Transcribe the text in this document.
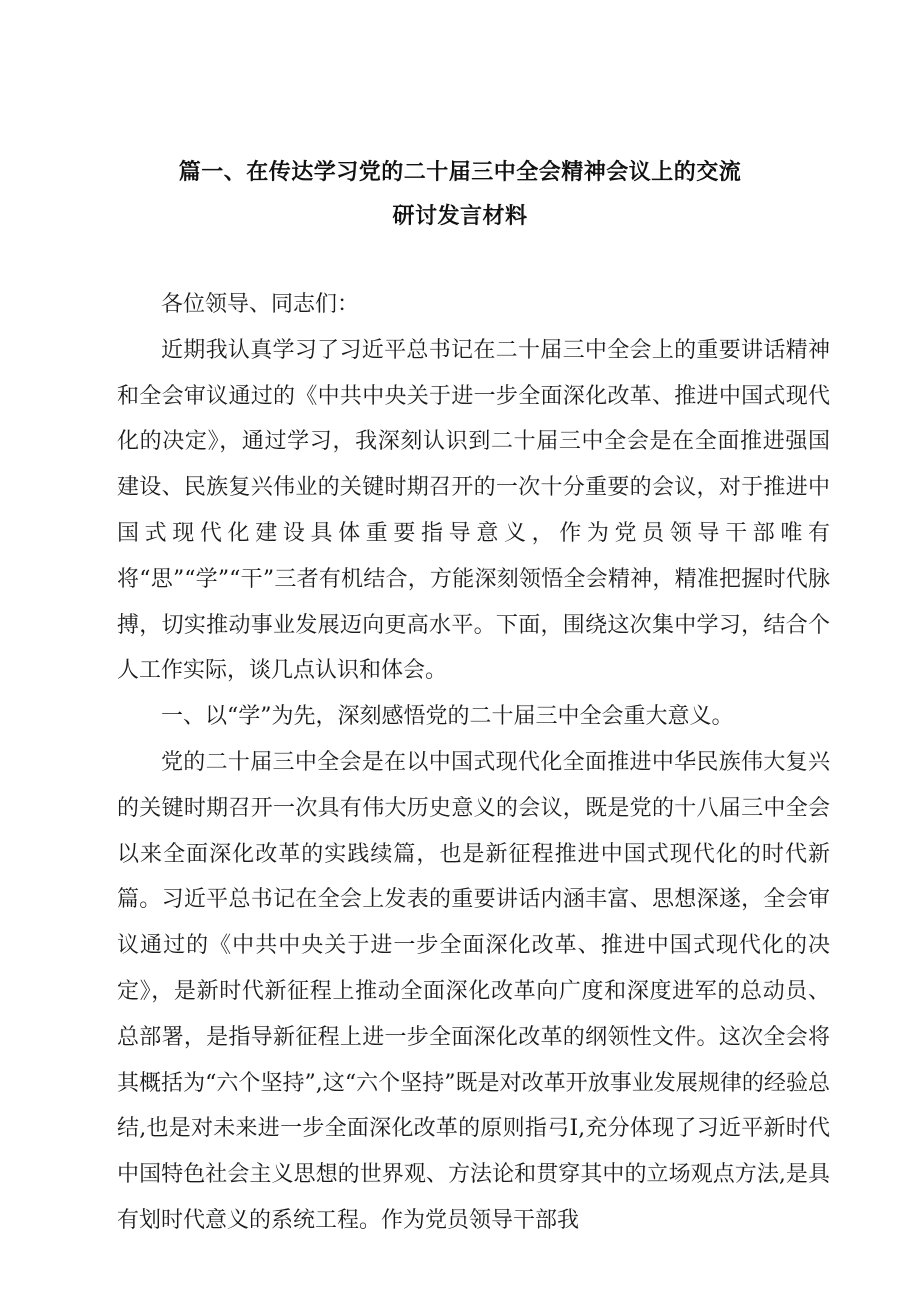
篇一、在传达学习党的二十届三中全会精神会议上的交流
研讨发言材料

各位领导、同志们：

近期我认真学习了习近平总书记在二十届三中全会上的重要讲话精神和全会审议通过的《中共中央关于进一步全面深化改革、推进中国式现代化的决定》，通过学习，我深刻认识到二十届三中全会是在全面推进强国建设、民族复兴伟业的关键时期召开的一次十分重要的会议，对于推进中国式现代化建设具体重要指导意义，作为党员领导干部唯有将“思”“学”“干”三者有机结合，方能深刻领悟全会精神，精准把握时代脉搏，切实推动事业发展迈向更高水平。下面，围绕这次集中学习，结合个人工作实际，谈几点认识和体会。

一、以“学”为先，深刻感悟党的二十届三中全会重大意义。

党的二十届三中全会是在以中国式现代化全面推进中华民族伟大复兴的关键时期召开一次具有伟大历史意义的会议，既是党的十八届三中全会以来全面深化改革的实践续篇，也是新征程推进中国式现代化的时代新篇。习近平总书记在全会上发表的重要讲话内涵丰富、思想深遂，全会审议通过的《中共中央关于进一步全面深化改革、推进中国式现代化的决定》，是新时代新征程上推动全面深化改革向广度和深度进军的总动员、总部署，是指导新征程上进一步全面深化改革的纲领性文件。这次全会将其概括为“六个坚持”,这“六个坚持”既是对改革开放事业发展规律的经验总结,也是对未来进一步全面深化改革的原则指弓I,充分体现了习近平新时代中国特色社会主义思想的世界观、方法论和贯穿其中的立场观点方法,是具有划时代意义的系统工程。作为党员领导干部我
